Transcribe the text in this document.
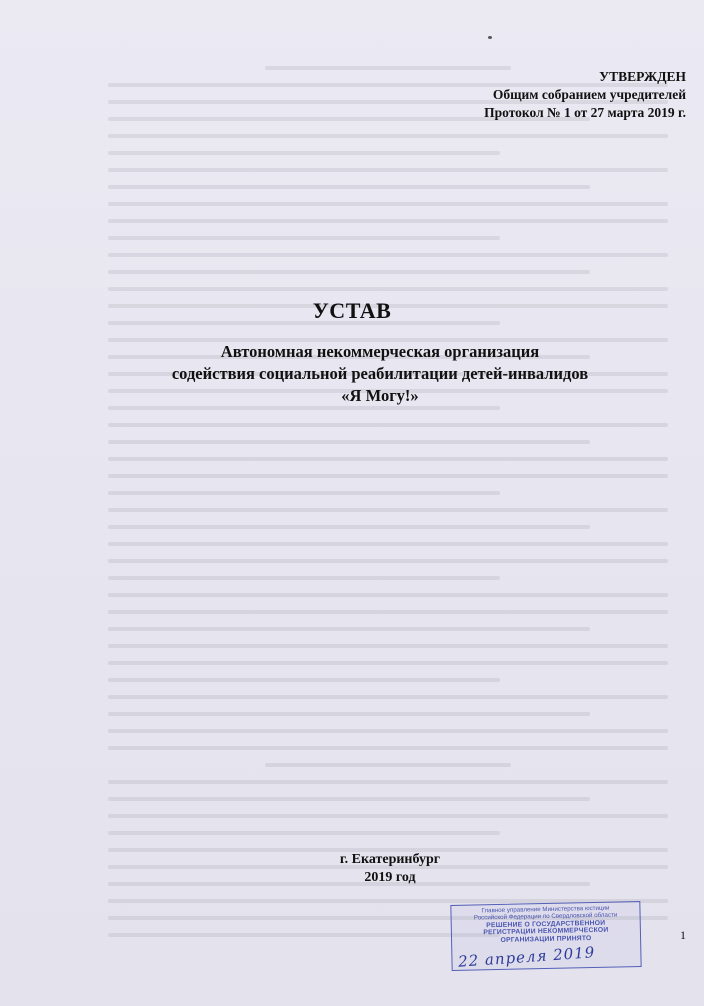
УТВЕРЖДЕН
Общим собранием учредителей
Протокол № 1 от 27 марта 2019 г.
УСТАВ
Автономная некоммерческая организация
содействия социальной реабилитации детей-инвалидов
«Я Могу!»
г. Екатеринбург
2019 год
1
Главное управление Министерства юстиции
Российской Федерации по Свердловской области
РЕШЕНИЕ О ГОСУДАРСТВЕННОЙ
РЕГИСТРАЦИИ НЕКОММЕРЧЕСКОЙ
ОРГАНИЗАЦИИ ПРИНЯТО
22 апреля 2019
